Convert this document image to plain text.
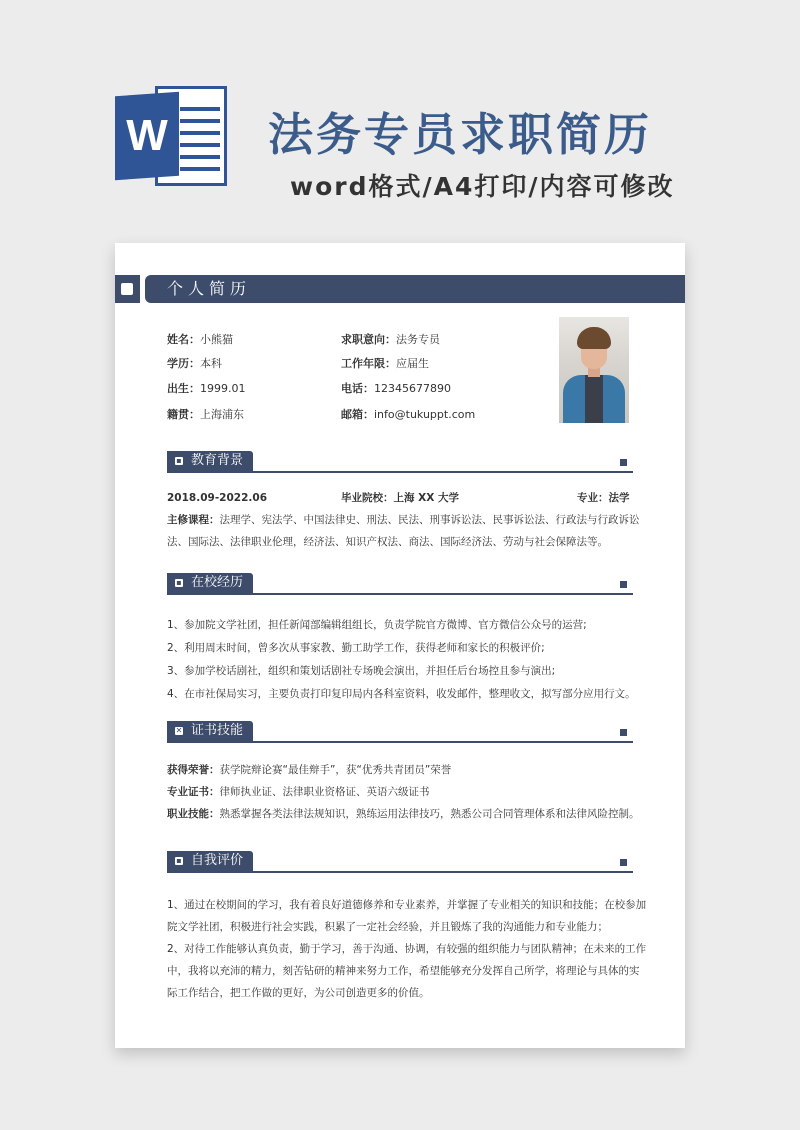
W 法务专员求职简历
word格式/A4打印/内容可修改
个人简历
姓名：小熊猫
学历：本科
出生：1999.01
籍贯：上海浦东
求职意向：法务专员
工作年限：应届生
电话：12345677890
邮箱：info@tukuppt.com
▪ 教育背景
2018.09-2022.06	毕业院校：上海 XX 大学	专业：法学
主修课程：法理学、宪法学、中国法律史、刑法、民法、刑事诉讼法、民事诉讼法、行政法与行政诉讼
法、国际法、法律职业伦理，经济法、知识产权法、商法、国际经济法、劳动与社会保障法等。
▪ 在校经历
1、参加院文学社团，担任新闻部编辑组组长，负责学院官方微博、官方微信公众号的运营;
2、利用周末时间，曾多次从事家教、勤工助学工作，获得老师和家长的积极评价;
3、参加学校话剧社，组织和策划话剧社专场晚会演出，并担任后台场控且参与演出;
4、在市社保局实习，主要负责打印复印局内各科室资料，收发邮件，整理收文，拟写部分应用行文。
✕ 证书技能
获得荣誉：获学院辩论赛“最佳辩手”，获“优秀共青团员”荣誉
专业证书：律师执业证、法律职业资格证、英语六级证书
职业技能：熟悉掌握各类法律法规知识，熟练运用法律技巧，熟悉公司合同管理体系和法律风险控制。
▪ 自我评价
1、通过在校期间的学习，我有着良好道德修养和专业素养，并掌握了专业相关的知识和技能；在校参加
院文学社团，积极进行社会实践，积累了一定社会经验，并且锻炼了我的沟通能力和专业能力；
2、对待工作能够认真负责，勤于学习，善于沟通、协调，有较强的组织能力与团队精神；在未来的工作
中，我将以充沛的精力，刻苦钻研的精神来努力工作，希望能够充分发挥自己所学，将理论与具体的实
际工作结合，把工作做的更好，为公司创造更多的价值。
